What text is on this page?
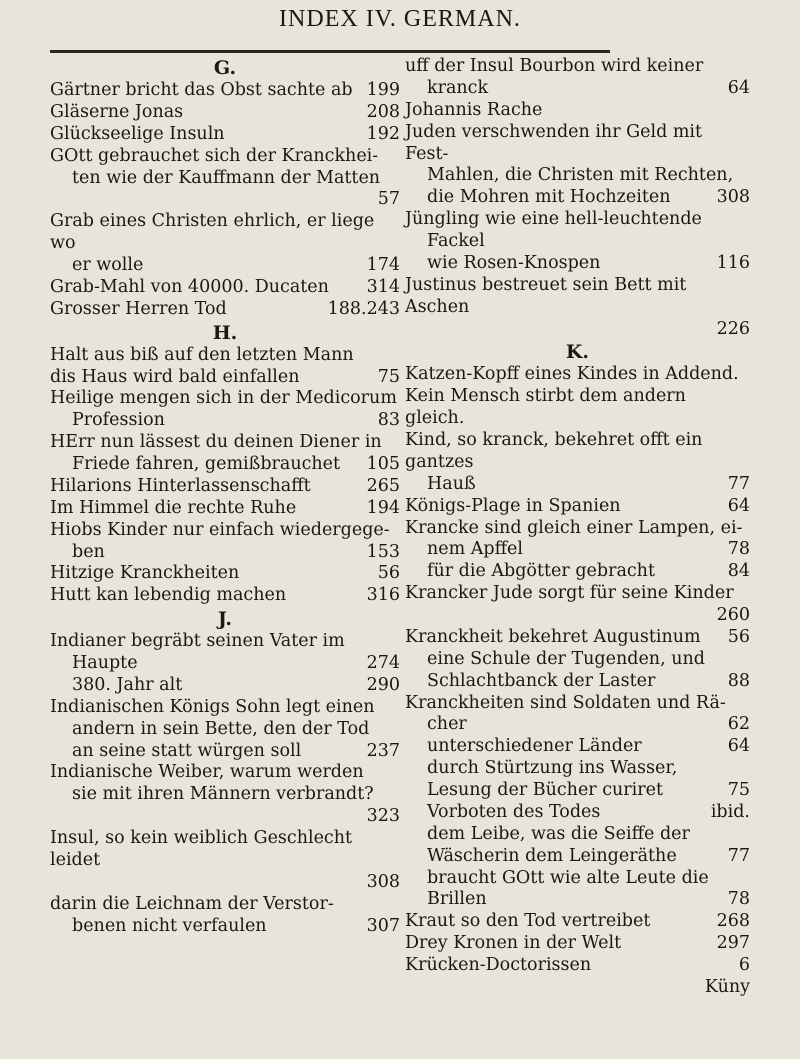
INDEX IV. GERMAN.
G.
199
Gärtner bricht das Obst sachte ab
208
Gläserne Jonas
192
Glückseelige Insuln
GOtt gebrauchet sich der Kranckhei-
ten wie der Kauffmann der Matten
57
Grab eines Christen ehrlich, er liege wo
174
er wolle
314
Grab-Mahl von 40000. Ducaten
188.243
Grosser Herren Tod
H.
Halt aus biß auf den letzten Mann
75
dis Haus wird bald einfallen
Heilige mengen sich in der Medicorum
83
Profession
HErr nun lässest du deinen Diener in
105
Friede fahren, gemißbrauchet
265
Hilarions Hinterlassenschafft
194
Im Himmel die rechte Ruhe
Hiobs Kinder nur einfach wiedergege-
153
ben
56
Hitzige Kranckheiten
316
Hutt kan lebendig machen
J.
Indianer begräbt seinen Vater im
274
Haupte
290
380. Jahr alt
Indianischen Königs Sohn legt einen
andern in sein Bette, den der Tod
237
an seine statt würgen soll
Indianische Weiber, warum werden
sie mit ihren Männern verbrandt?
323
Insul, so kein weiblich Geschlecht leidet
308
darin die Leichnam der Verstor-
307
benen nicht verfaulen
uff der Insul Bourbon wird keiner
64
kranck
Johannis Rache
Juden verschwenden ihr Geld mit Fest-
Mahlen, die Christen mit Rechten,
308
die Mohren mit Hochzeiten
Jüngling wie eine hell-leuchtende
Fackel
116
wie Rosen-Knospen
Justinus bestreuet sein Bett mit Aschen
226
K.
Katzen-Kopff eines Kindes in Addend.
Kein Mensch stirbt dem andern gleich.
Kind, so kranck, bekehret offt ein gantzes
77
Hauß
64
Königs-Plage in Spanien
Krancke sind gleich einer Lampen, ei-
78
nem Apffel
84
für die Abgötter gebracht
Krancker Jude sorgt für seine Kinder
260
56
Kranckheit bekehret Augustinum
eine Schule der Tugenden, und
88
Schlachtbanck der Laster
Kranckheiten sind Soldaten und Rä-
62
cher
64
unterschiedener Länder
durch Stürtzung ins Wasser,
75
Lesung der Bücher curiret
ibid.
Vorboten des Todes
dem Leibe, was die Seiffe der
77
Wäscherin dem Leingeräthe
braucht GOtt wie alte Leute die
78
Brillen
268
Kraut so den Tod vertreibet
297
Drey Kronen in der Welt
6
Krücken-Doctorissen
Küny
